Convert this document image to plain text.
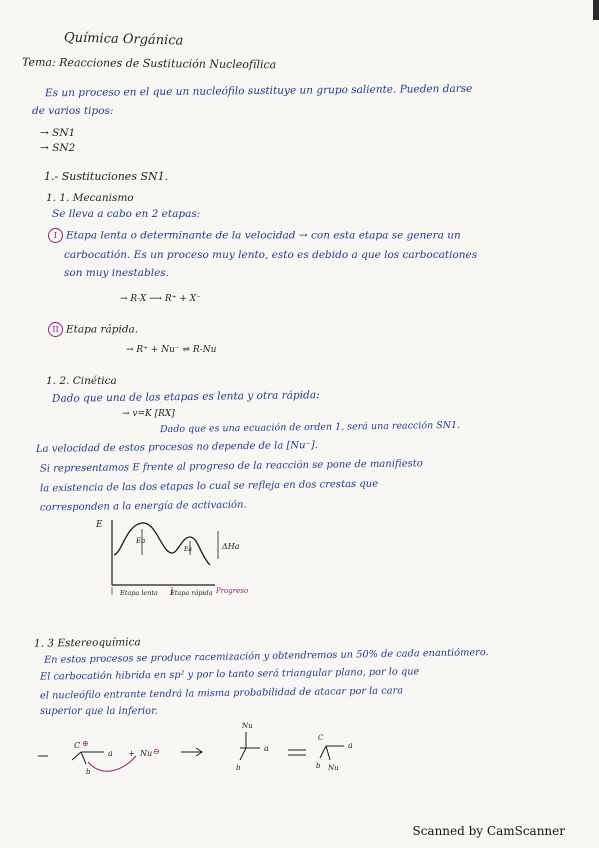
Química Orgánica
Tema: Reacciones de Sustitución Nucleofílica
Es un proceso en el que un nucleófilo sustituye un grupo saliente. Pueden darse
de varios tipos:
→ SN1
→ SN2
1.- Sustituciones SN1.
1. 1. Mecanismo
Se lleva a cabo en 2 etapas:
I Etapa lenta o determinante de la velocidad → con esta etapa se genera un
carbocatión. Es un proceso muy lento, esto es debido a que los carbocationes
son muy inestables.
→ R-X ⟶ R⁺ + X⁻
II Etapa rápida.
→ R⁺ + Nu⁻ ⇌ R-Nu
1. 2. Cinética
Dado que una de las etapas es lenta y otra rápida:
→ v=K [RX]
Dado que es una ecuación de orden 1, será una reacción SN1.
La velocidad de estos procesos no depende de la [Nu⁻].
Si representamos E frente al progreso de la reacción se pone de manifiesto
la existencia de las dos etapas lo cual se refleja en dos crestas que
corresponden a la energía de activación.
E
Ea
Ea	ΔHa
Etapa lenta Etapa rápida Progreso
1. 3 Estereoquímica
En estos procesos se produce racemización y obtendremos un 50% de cada enantiómero.
El carbocatión hibrida en sp² y por lo tanto será triangular plano, por lo que
el nucleófilo entrante tendrá la misma probabilidad de atacar por la cara
superior que la inferior.
C ⊕
a
b
+ Nu ⊖
Nu
a
b
C
a
b Nu
Scanned by CamScanner
